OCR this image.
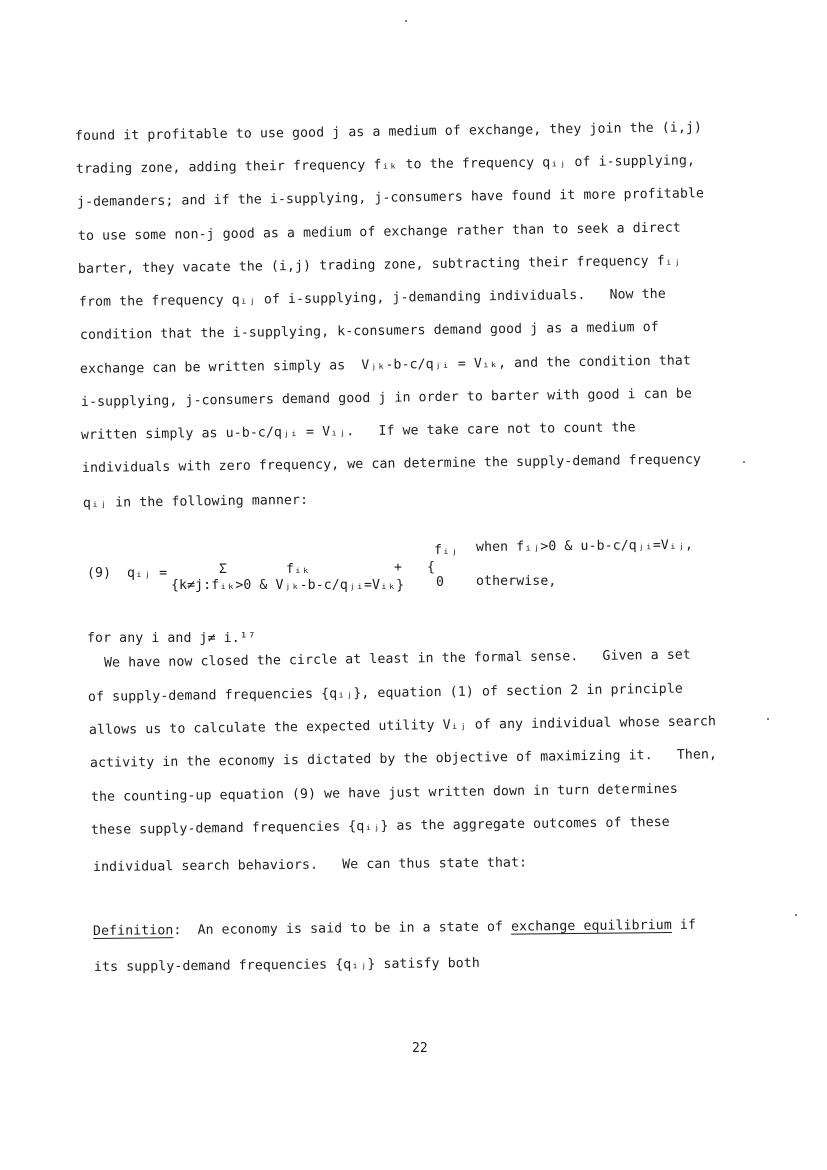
found it profitable to use good j as a medium of exchange, they join the (i,j)
trading zone, adding their frequency fᵢₖ to the frequency qᵢⱼ of i-supplying,
j-demanders; and if the i-supplying, j-consumers have found it more profitable
to use some non-j good as a medium of exchange rather than to seek a direct
barter, they vacate the (i,j) trading zone, subtracting their frequency fᵢⱼ
from the frequency qᵢⱼ of i-supplying, j-demanding individuals.   Now the
condition that the i-supplying, k-consumers demand good j as a medium of
exchange can be written simply as  Vⱼₖ-b-c/qⱼᵢ = Vᵢₖ, and the condition that
i-supplying, j-consumers demand good j in order to barter with good i can be
written simply as u-b-c/qⱼᵢ = Vᵢⱼ.   If we take care not to count the
individuals with zero frequency, we can determine the supply-demand frequency
qᵢⱼ in the following manner:
(9) qᵢⱼ =	Σ	fᵢₖ
{k≠j:fᵢₖ>0 & Vⱼₖ-b-c/qⱼᵢ=Vᵢₖ}
+ {
fᵢⱼ when fᵢⱼ>0 & u-b-c/qⱼᵢ=Vᵢⱼ,
0 otherwise,
for any i and j≠ i.¹⁷
We have now closed the circle at least in the formal sense.   Given a set
of supply-demand frequencies {qᵢⱼ}, equation (1) of section 2 in principle
allows us to calculate the expected utility Vᵢⱼ of any individual whose search
activity in the economy is dictated by the objective of maximizing it.   Then,
the counting-up equation (9) we have just written down in turn determines
these supply-demand frequencies {qᵢⱼ} as the aggregate outcomes of these
individual search behaviors.   We can thus state that:
Definition:  An economy is said to be in a state of exchange equilibrium if
its supply-demand frequencies {qᵢⱼ} satisfy both
22
